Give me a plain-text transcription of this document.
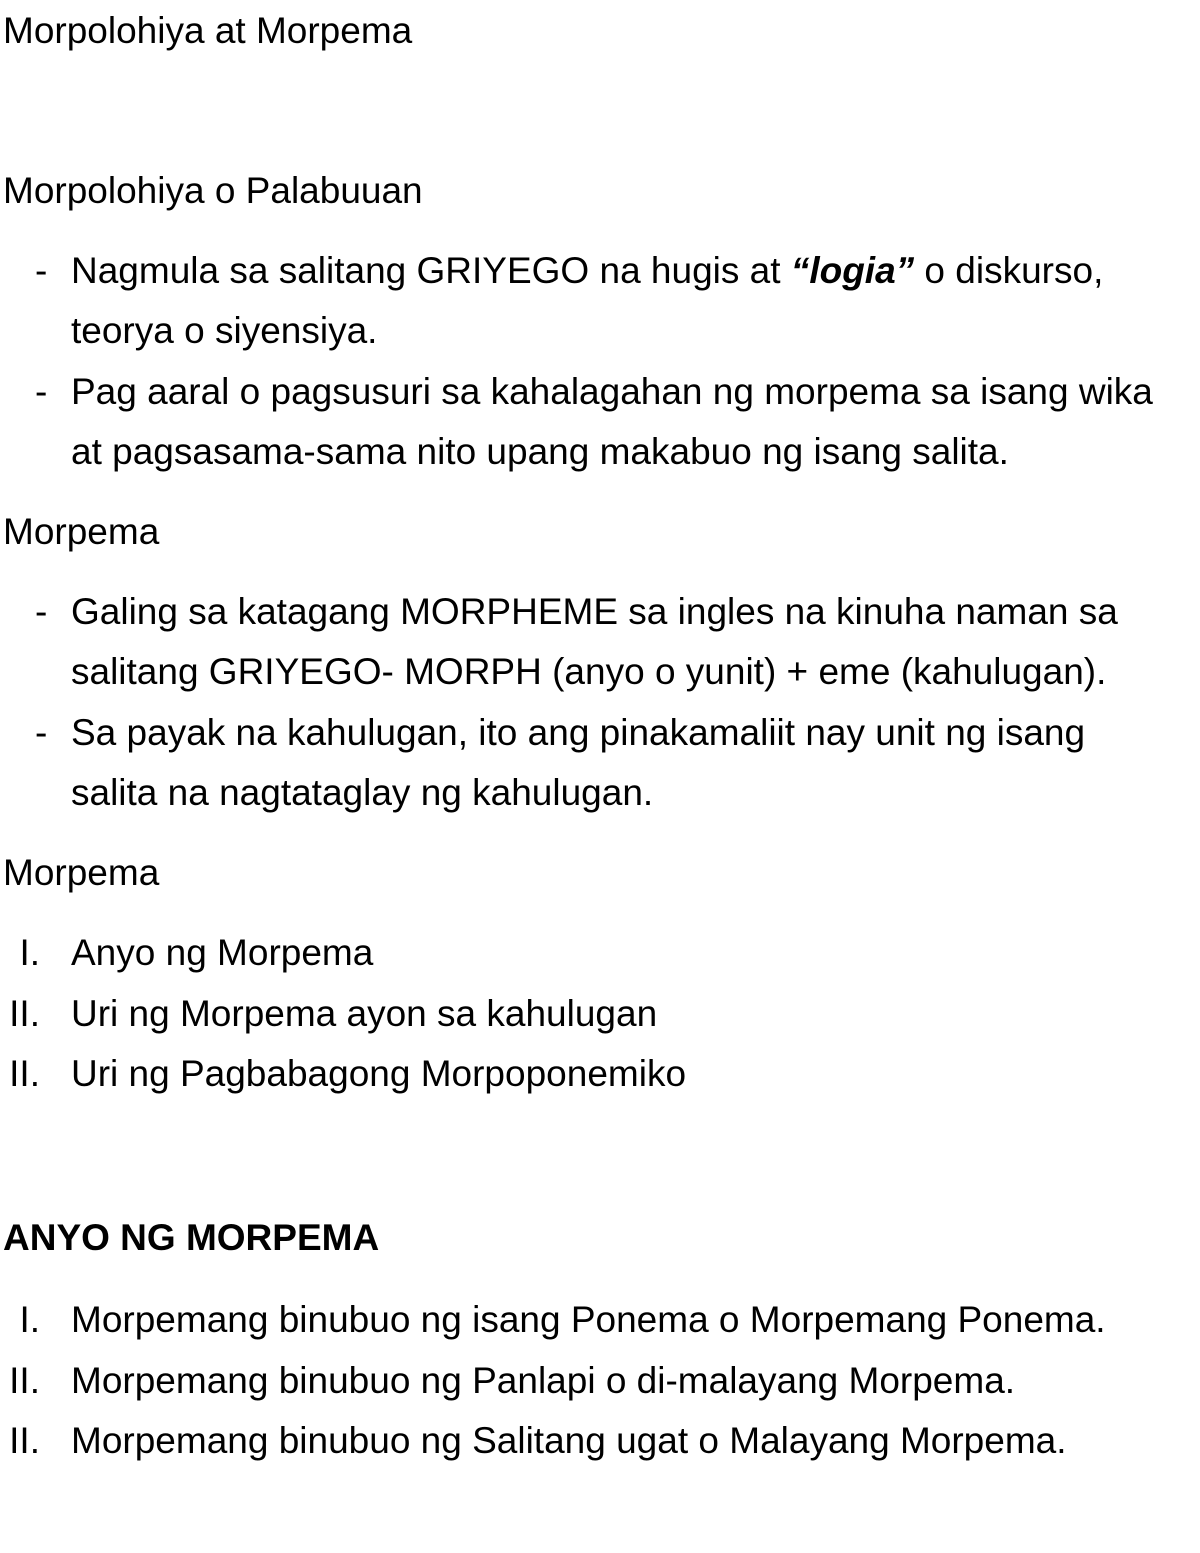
Morpolohiya at Morpema
Morpolohiya o Palabuuan
- Nagmula sa salitang GRIYEGO na hugis at “logia” o diskurso,
teorya o siyensiya.
- Pag aaral o pagsusuri sa kahalagahan ng morpema sa isang wika
at pagsasama-sama nito upang makabuo ng isang salita.
Morpema
- Galing sa katagang MORPHEME sa ingles na kinuha naman sa
salitang GRIYEGO- MORPH (anyo o yunit) + eme (kahulugan).
- Sa payak na kahulugan, ito ang pinakamaliit nay unit ng isang
salita na nagtataglay ng kahulugan.
Morpema
I. Anyo ng Morpema
II. Uri ng Morpema ayon sa kahulugan
II. Uri ng Pagbabagong Morpoponemiko
ANYO NG MORPEMA
I. Morpemang binubuo ng isang Ponema o Morpemang Ponema.
II. Morpemang binubuo ng Panlapi o di-malayang Morpema.
II. Morpemang binubuo ng Salitang ugat o Malayang Morpema.
